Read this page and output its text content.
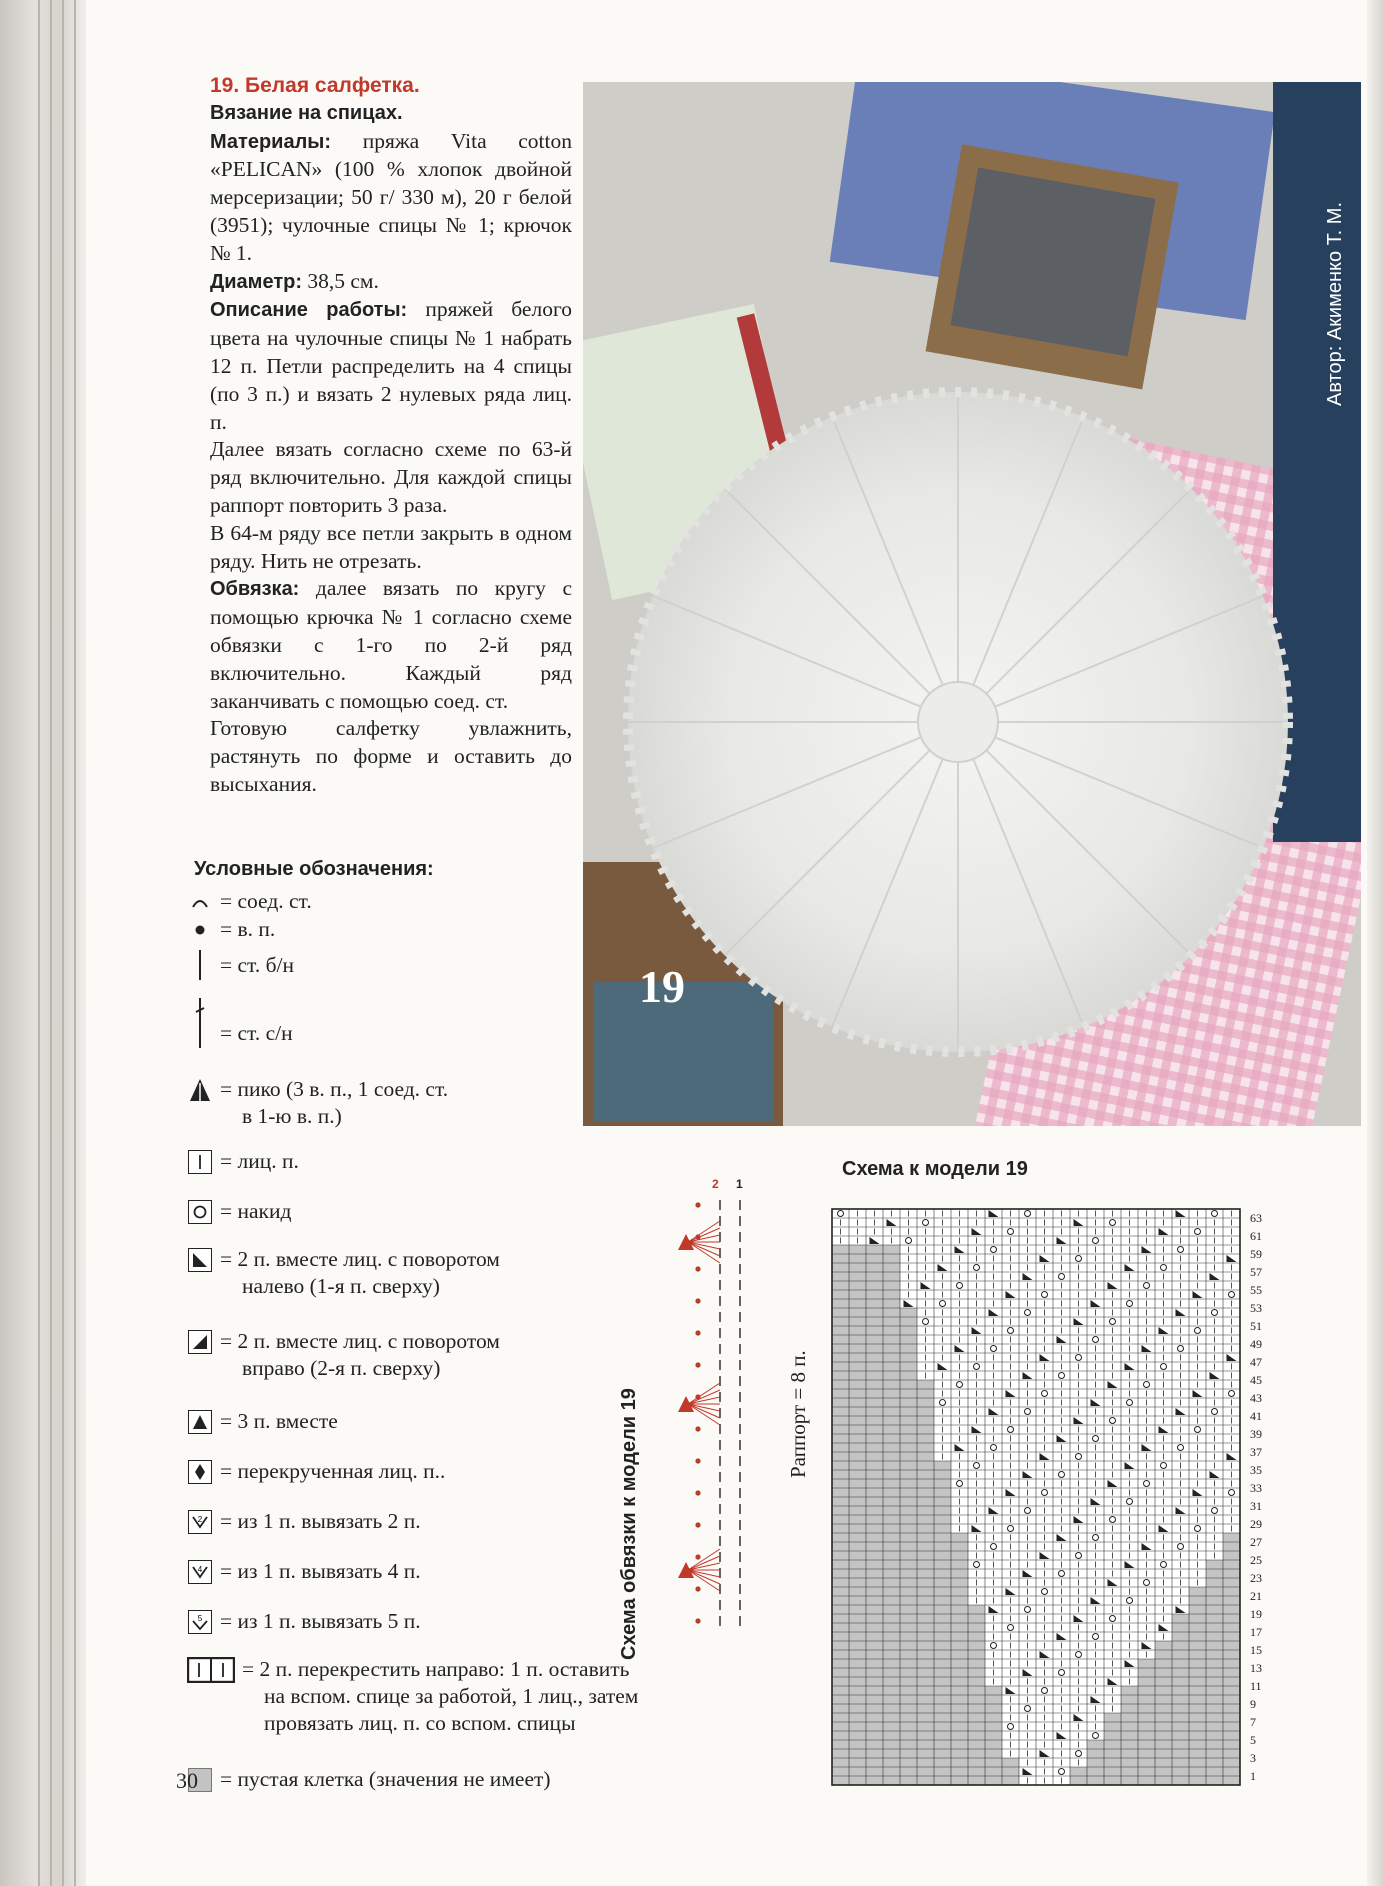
19. Белая салфетка.
Вязание на спицах.

Материалы: пряжа Vita cotton «PELICAN» (100 % хлопок двойной мерсеризации; 50 г/ 330 м), 20 г белой (3951); чулочные спицы № 1; крючок № 1.

Диаметр: 38,5 см.

Описание работы: пряжей белого цвета на чулочные спицы № 1 набрать 12 п. Петли распределить на 4 спицы (по 3 п.) и вязать 2 нулевых ряда лиц. п.

Далее вязать согласно схеме по 63-й ряд включительно. Для каждой спицы раппорт повторить 3 раза.

В 64-м ряду все петли закрыть в одном ряду. Нить не отрезать.

Обвязка: далее вязать по кругу с помощью крючка № 1 согласно схеме обвязки с 1-го по 2-й ряд включительно. Каждый ряд заканчивать с помощью соед. ст.

Готовую салфетку увлажнить, растянуть по форме и оставить до высыхания.

Условные обозначения:
= соед. ст.
= в. п.
= ст. б/н
= ст. с/н
= пико (3 в. п., 1 соед. ст.
в 1-ю в. п.)
= лиц. п.
= накид
= 2 п. вместе лиц. с поворотом
налево (1-я п. сверху)
= 2 п. вместе лиц. с поворотом
вправо (2-я п. сверху)
= 3 п. вместе
= перекрученная лиц. п..
2 = из 1 п. вывязать 2 п.
4 = из 1 п. вывязать 4 п.
5 = из 1 п. вывязать 5 п.
= 2 п. перекрестить направо: 1 п. оставить
на вспом. спице за работой, 1 лиц., затем
провязать лиц. п. со вспом. спицы
= пустая клетка (значения не имеет)
Автор: Акименко Т. М.
19
Схема обвязки к модели 19
2 1
Раппорт = 8 п.
Схема к модели 19
63
61
59
57
55
53
51
49
47
45
43
41
39
37
35
33
31
29
27
25
23
21
19
17
15
13
11
9
7
5
3
1
30
